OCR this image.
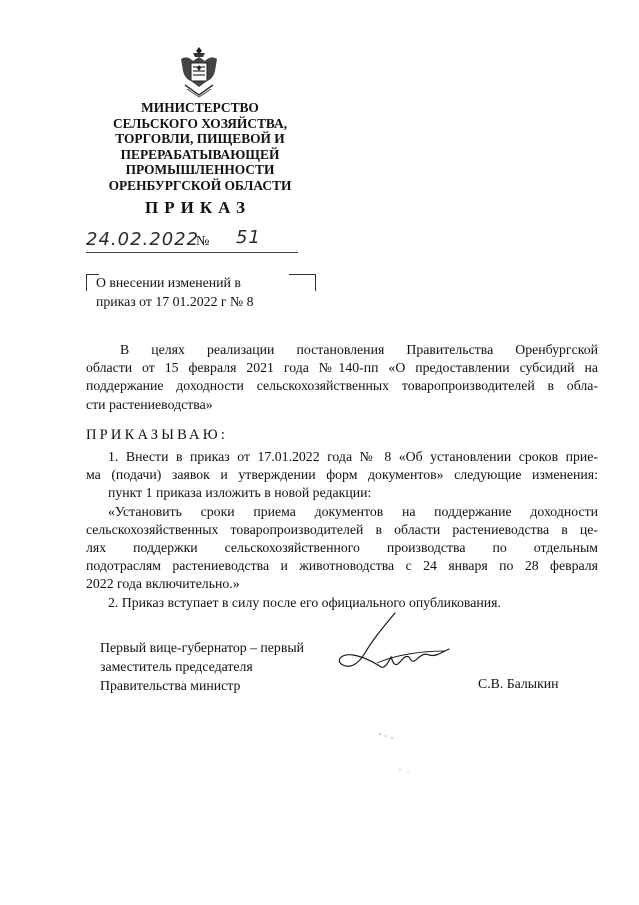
МИНИСТЕРСТВО
СЕЛЬСКОГО ХОЗЯЙСТВА,
ТОРГОВЛИ, ПИЩЕВОЙ И
ПЕРЕРАБАТЫВАЮЩЕЙ
ПРОМЫШЛЕННОСТИ
ОРЕНБУРГСКОЙ ОБЛАСТИ
ПРИКАЗ
24.02.2022
№ 51
О внесении изменений в
приказ от 17 01.2022 г № 8
В целях реализации постановления Правительства Оренбургской
области от 15 февраля 2021 года №140-пп «О предоставлении субсидий на
поддержание доходности сельскохозяйственных товаропроизводителей в обла-
сти растениеводства»
ПРИКАЗЫВАЮ:
1. Внести в приказ от 17.01.2022 года № 8 «Об установлении сроков прие-
ма (подачи) заявок и утверждении форм документов» следующие изменения:
пункт 1 приказа изложить в новой редакции:
«Установить сроки приема документов на поддержание доходности
сельскохозяйственных товаропроизводителей в области растениеводства в це-
лях поддержки сельскохозяйственного производства по отдельным
подотраслям растениеводства и животноводства с 24 января по 28 февраля
2022 года включительно.»
2. Приказ вступает в силу после его официального опубликования.
Первый вице-губернатор – первый
заместитель председателя
Правительства министр	С.В. Балыкин
